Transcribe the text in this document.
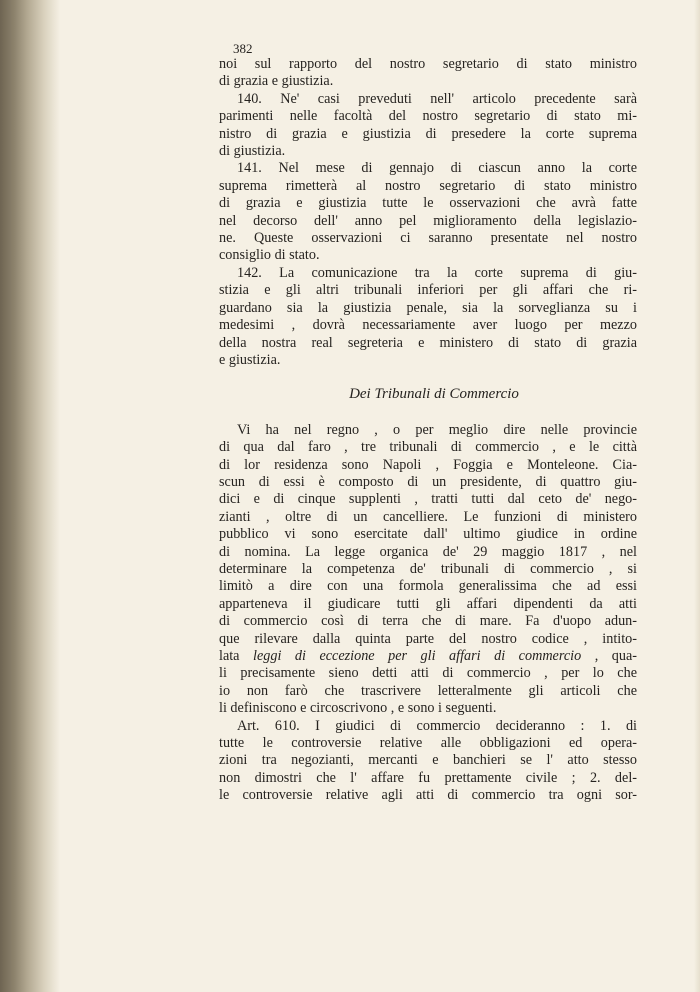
382
noi sul rapporto del nostro segretario di stato ministro
di grazia e giustizia.
140. Ne' casi preveduti nell' articolo precedente sarà
parimenti nelle facoltà del nostro segretario di stato mi-
nistro di grazia e giustizia di presedere la corte suprema
di giustizia.
141. Nel mese di gennajo di ciascun anno la corte
suprema rimetterà al nostro segretario di stato ministro
di grazia e giustizia tutte le osservazioni che avrà fatte
nel decorso dell' anno pel miglioramento della legislazio-
ne. Queste osservazioni ci saranno presentate nel nostro
consiglio di stato.
142. La comunicazione tra la corte suprema di giu-
stizia e gli altri tribunali inferiori per gli affari che ri-
guardano sia la giustizia penale, sia la sorveglianza su i
medesimi , dovrà necessariamente aver luogo per mezzo
della nostra real segreteria e ministero di stato di grazia
e giustizia.
Dei Tribunali di Commercio
Vi ha nel regno , o per meglio dire nelle provincie
di qua dal faro , tre tribunali di commercio , e le città
di lor residenza sono Napoli , Foggia e Monteleone. Cia-
scun di essi è composto di un presidente, di quattro giu-
dici e di cinque supplenti , tratti tutti dal ceto de' nego-
zianti , oltre di un cancelliere. Le funzioni di ministero
pubblico vi sono esercitate dall' ultimo giudice in ordine
di nomina. La legge organica de' 29 maggio 1817 , nel
determinare la competenza de' tribunali di commercio , si
limitò a dire con una formola generalissima che ad essi
apparteneva il giudicare tutti gli affari dipendenti da atti
di commercio così di terra che di mare. Fa d'uopo adun-
que rilevare dalla quinta parte del nostro codice , intito-
lata leggi di eccezione per gli affari di commercio , qua-
li precisamente sieno detti atti di commercio , per lo che
io non farò che trascrivere letteralmente gli articoli che
li definiscono e circoscrivono , e sono i seguenti.
Art. 610. I giudici di commercio decideranno : 1. di
tutte le controversie relative alle obbligazioni ed opera-
zioni tra negozianti, mercanti e banchieri se l' atto stesso
non dimostri che l' affare fu prettamente civile ; 2. del-
le controversie relative agli atti di commercio tra ogni sor-
